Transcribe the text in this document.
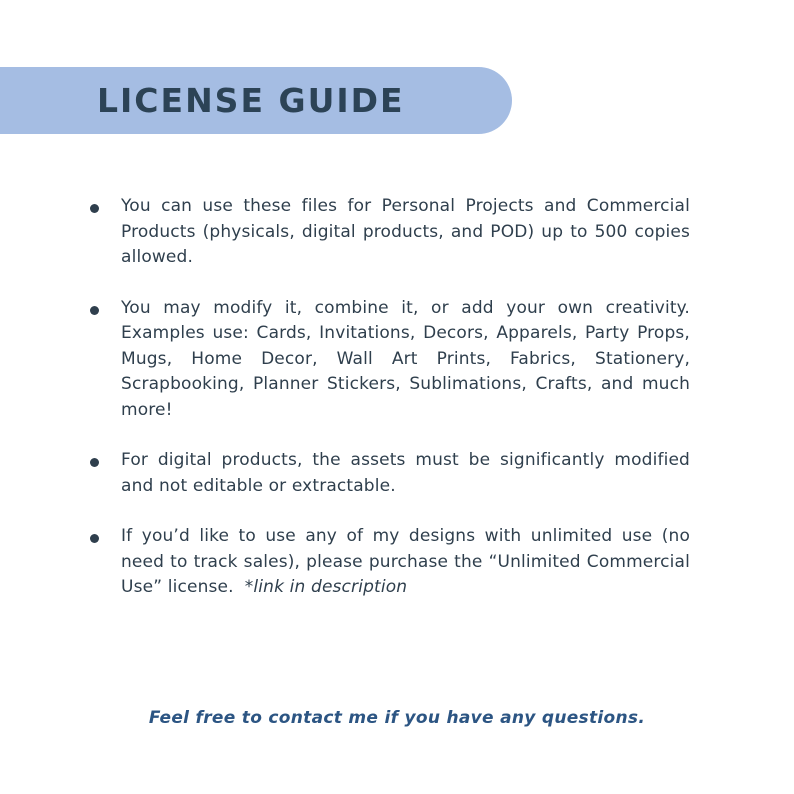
LICENSE GUIDE
You can use these files for Personal Projects and Commercial Products (physicals, digital products, and POD) up to 500 copies allowed.
You may modify it, combine it, or add your own creativity. Examples use: Cards, Invitations, Decors, Apparels, Party Props, Mugs, Home Decor, Wall Art Prints, Fabrics, Stationery, Scrapbooking, Planner Stickers, Sublimations, Crafts, and much more!
For digital products, the assets must be significantly modified and not editable or extractable.
If you’d like to use any of my designs with unlimited use (no need to track sales), please purchase the “Unlimited Commercial Use” license. *link in description

Feel free to contact me if you have any questions.
